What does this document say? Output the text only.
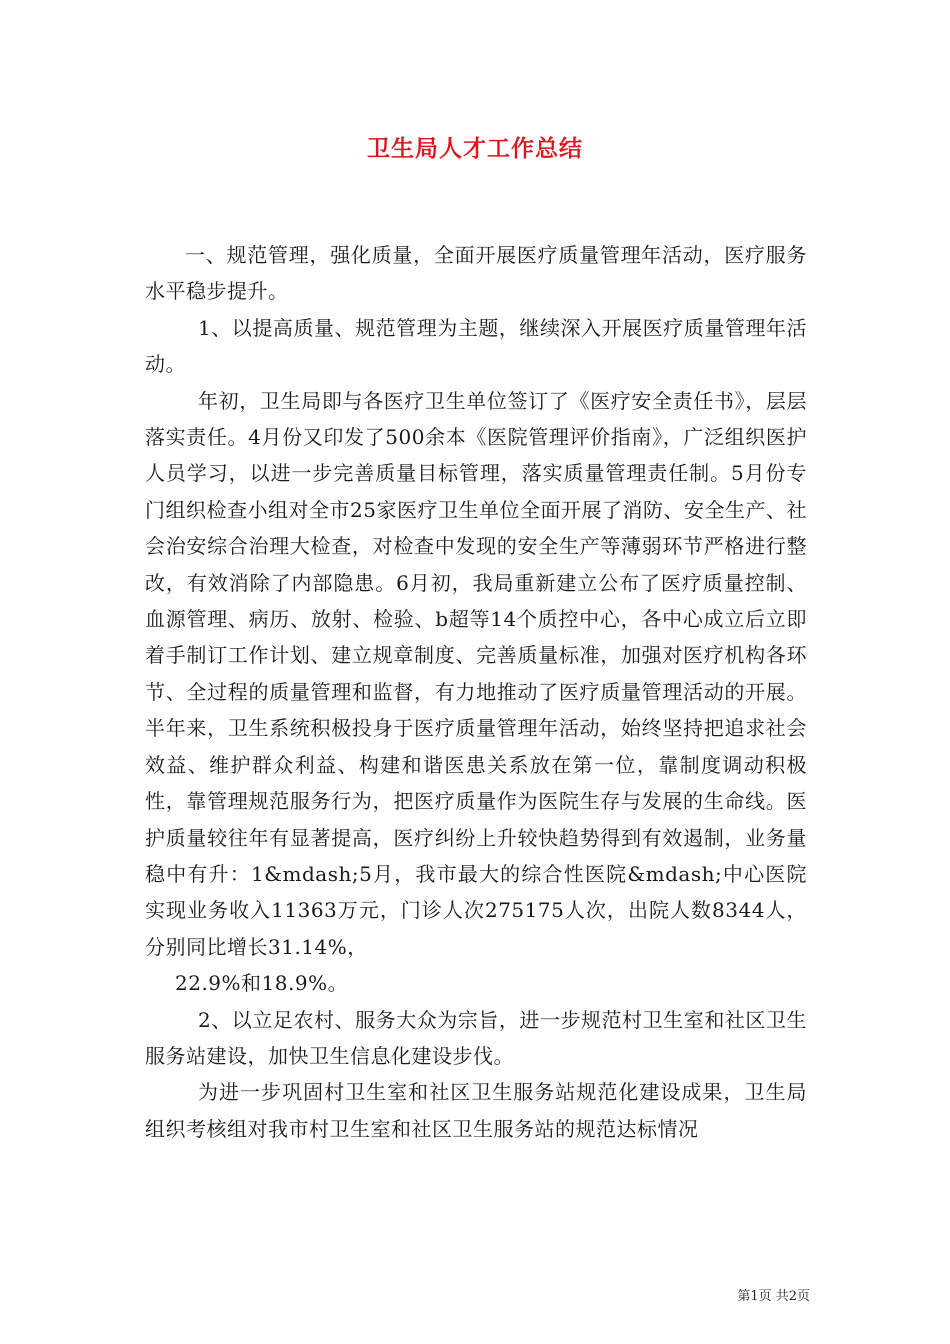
卫生局人才工作总结

一、规范管理，强化质量，全面开展医疗质量管理年活动，医疗服务水平稳步提升。

1、以提高质量、规范管理为主题，继续深入开展医疗质量管理年活动。

年初，卫生局即与各医疗卫生单位签订了《医疗安全责任书》，层层落实责任。4月份又印发了500余本《医院管理评价指南》，广泛组织医护人员学习，以进一步完善质量目标管理，落实质量管理责任制。5月份专门组织检查小组对全市25家医疗卫生单位全面开展了消防、安全生产、社会治安综合治理大检查，对检查中发现的安全生产等薄弱环节严格进行整改，有效消除了内部隐患。6月初，我局重新建立公布了医疗质量控制、血源管理、病历、放射、检验、b超等14个质控中心，各中心成立后立即着手制订工作计划、建立规章制度、完善质量标准，加强对医疗机构各环节、全过程的质量管理和监督，有力地推动了医疗质量管理活动的开展。半年来，卫生系统积极投身于医疗质量管理年活动，始终坚持把追求社会效益、维护群众利益、构建和谐医患关系放在第一位，靠制度调动积极性，靠管理规范服务行为，把医疗质量作为医院生存与发展的生命线。医护质量较往年有显著提高，医疗纠纷上升较快趋势得到有效遏制，业务量稳中有升：1&mdash;5月，我市最大的综合性医院&mdash;中心医院实现业务收入11363万元，门诊人次275175人次，出院人数8344人，分别同比增长31.14%，

22.9%和18.9%。

2、以立足农村、服务大众为宗旨，进一步规范村卫生室和社区卫生服务站建设，加快卫生信息化建设步伐。

为进一步巩固村卫生室和社区卫生服务站规范化建设成果，卫生局组织考核组对我市村卫生室和社区卫生服务站的规范达标情况

第1页 共2页
